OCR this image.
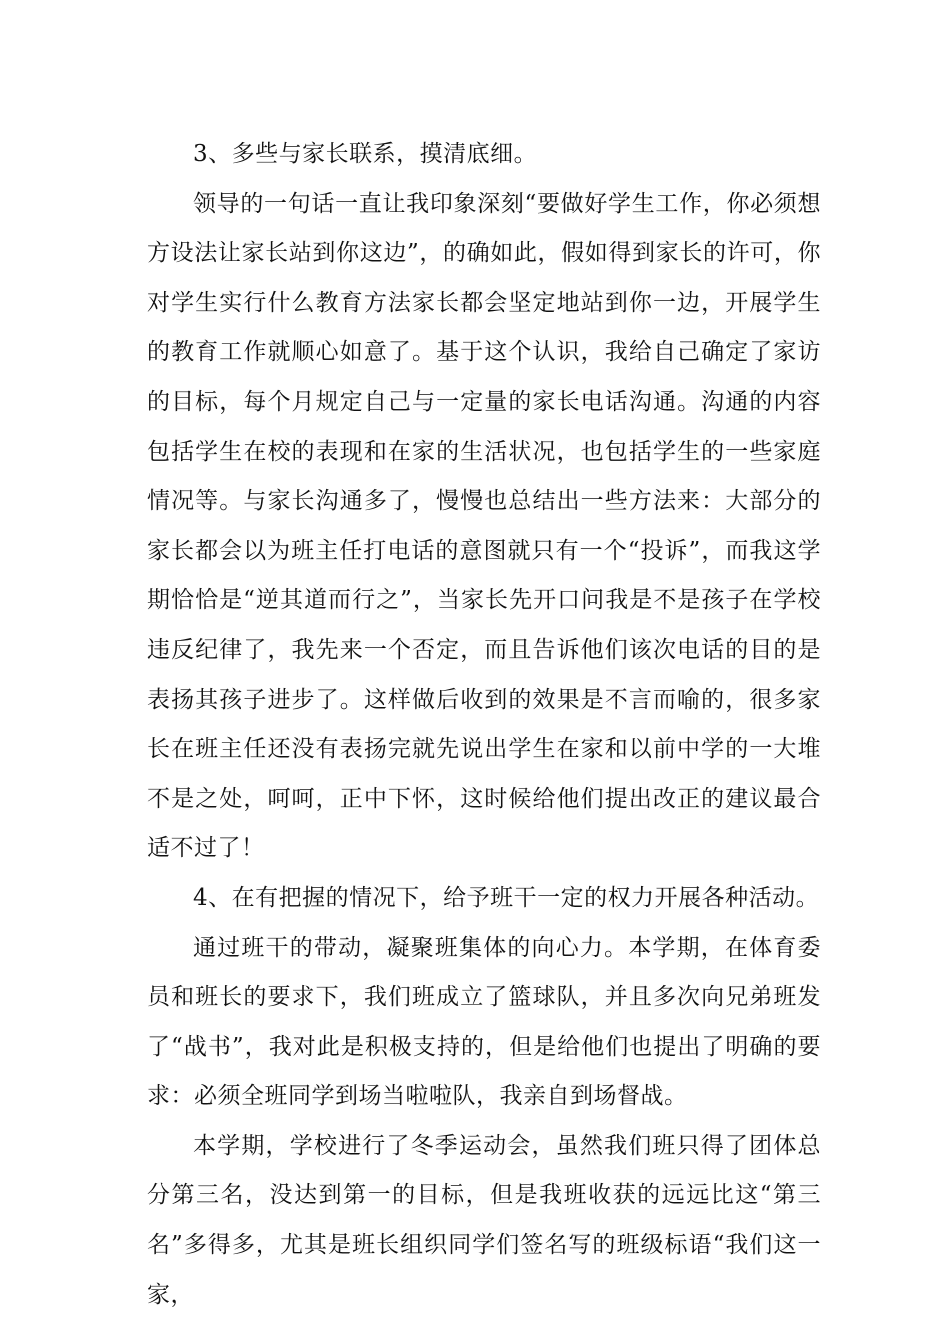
3、多些与家长联系，摸清底细。

领导的一句话一直让我印象深刻“要做好学生工作，你必须想方设法让家长站到你这边”，的确如此，假如得到家长的许可，你对学生实行什么教育方法家长都会坚定地站到你一边，开展学生的教育工作就顺心如意了。基于这个认识，我给自己确定了家访的目标，每个月规定自己与一定量的家长电话沟通。沟通的内容包括学生在校的表现和在家的生活状况，也包括学生的一些家庭情况等。与家长沟通多了，慢慢也总结出一些方法来：大部分的家长都会以为班主任打电话的意图就只有一个“投诉”，而我这学期恰恰是“逆其道而行之”，当家长先开口问我是不是孩子在学校违反纪律了，我先来一个否定，而且告诉他们该次电话的目的是表扬其孩子进步了。这样做后收到的效果是不言而喻的，很多家长在班主任还没有表扬完就先说出学生在家和以前中学的一大堆不是之处，呵呵，正中下怀，这时候给他们提出改正的建议最合适不过了！

4、在有把握的情况下，给予班干一定的权力开展各种活动。

通过班干的带动，凝聚班集体的向心力。本学期，在体育委员和班长的要求下，我们班成立了篮球队，并且多次向兄弟班发了“战书”，我对此是积极支持的，但是给他们也提出了明确的要求：必须全班同学到场当啦啦队，我亲自到场督战。

本学期，学校进行了冬季运动会，虽然我们班只得了团体总分第三名，没达到第一的目标，但是我班收获的远远比这“第三名”多得多，尤其是班长组织同学们签名写的班级标语“我们这一家，
